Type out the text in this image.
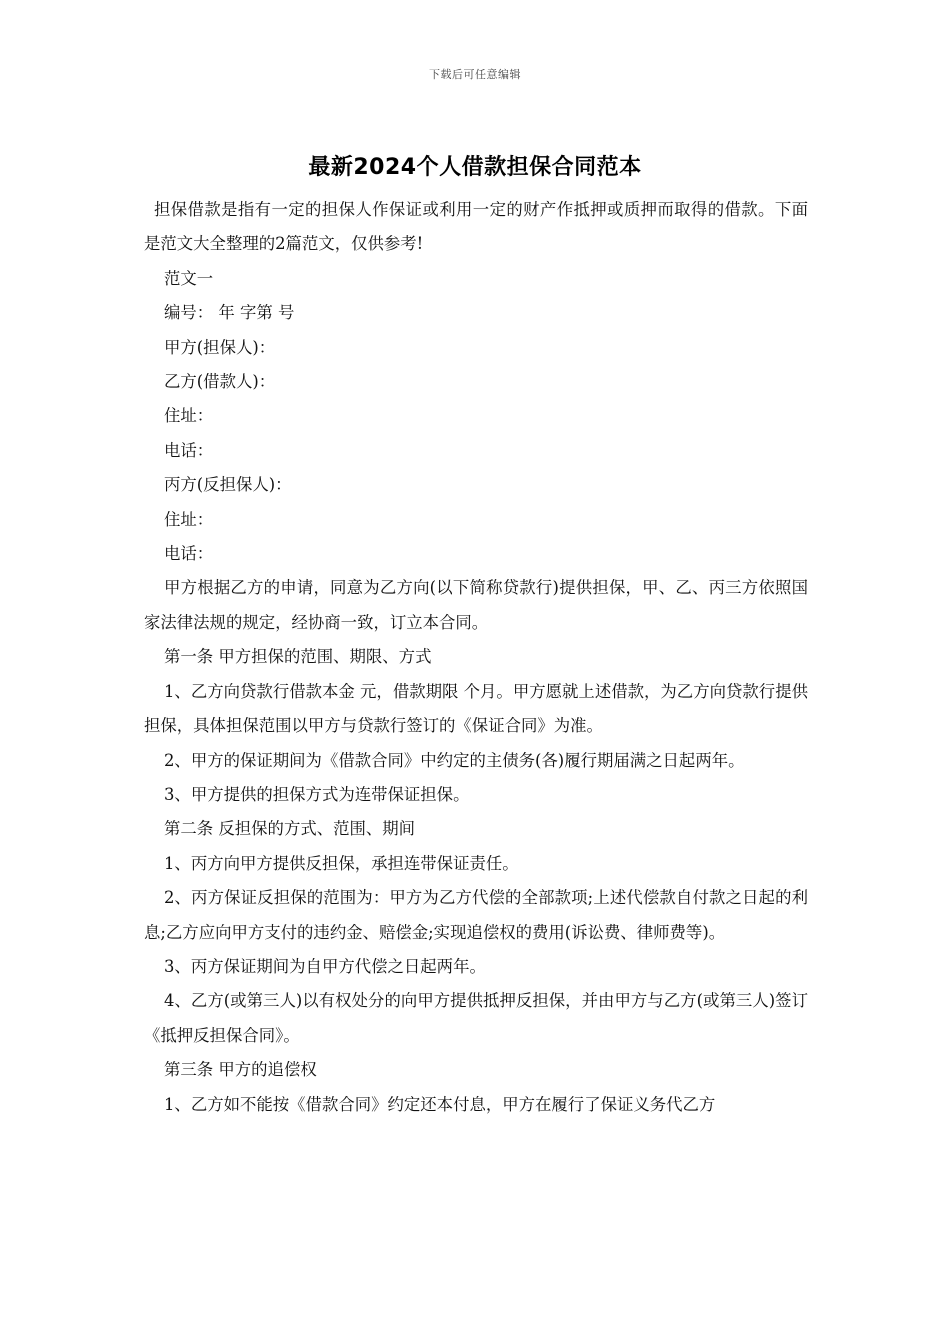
下载后可任意编辑
最新2024个人借款担保合同范本

担保借款是指有一定的担保人作保证或利用一定的财产作抵押或质押而取得的借款。下面是范文大全整理的2篇范文，仅供参考!

范文一

编号： 年 字第 号

甲方(担保人)：

乙方(借款人)：

住址：

电话：

丙方(反担保人)：

住址：

电话：

甲方根据乙方的申请，同意为乙方向(以下简称贷款行)提供担保，甲、乙、丙三方依照国家法律法规的规定，经协商一致，订立本合同。

第一条 甲方担保的范围、期限、方式

1、乙方向贷款行借款本金 元，借款期限 个月。甲方愿就上述借款，为乙方向贷款行提供担保，具体担保范围以甲方与贷款行签订的《保证合同》为准。

2、甲方的保证期间为《借款合同》中约定的主债务(各)履行期届满之日起两年。

3、甲方提供的担保方式为连带保证担保。

第二条 反担保的方式、范围、期间

1、丙方向甲方提供反担保，承担连带保证责任。

2、丙方保证反担保的范围为：甲方为乙方代偿的全部款项;上述代偿款自付款之日起的利息;乙方应向甲方支付的违约金、赔偿金;实现追偿权的费用(诉讼费、律师费等)。

3、丙方保证期间为自甲方代偿之日起两年。

4、乙方(或第三人)以有权处分的向甲方提供抵押反担保，并由甲方与乙方(或第三人)签订《抵押反担保合同》。

第三条 甲方的追偿权

1、乙方如不能按《借款合同》约定还本付息，甲方在履行了保证义务代乙方
